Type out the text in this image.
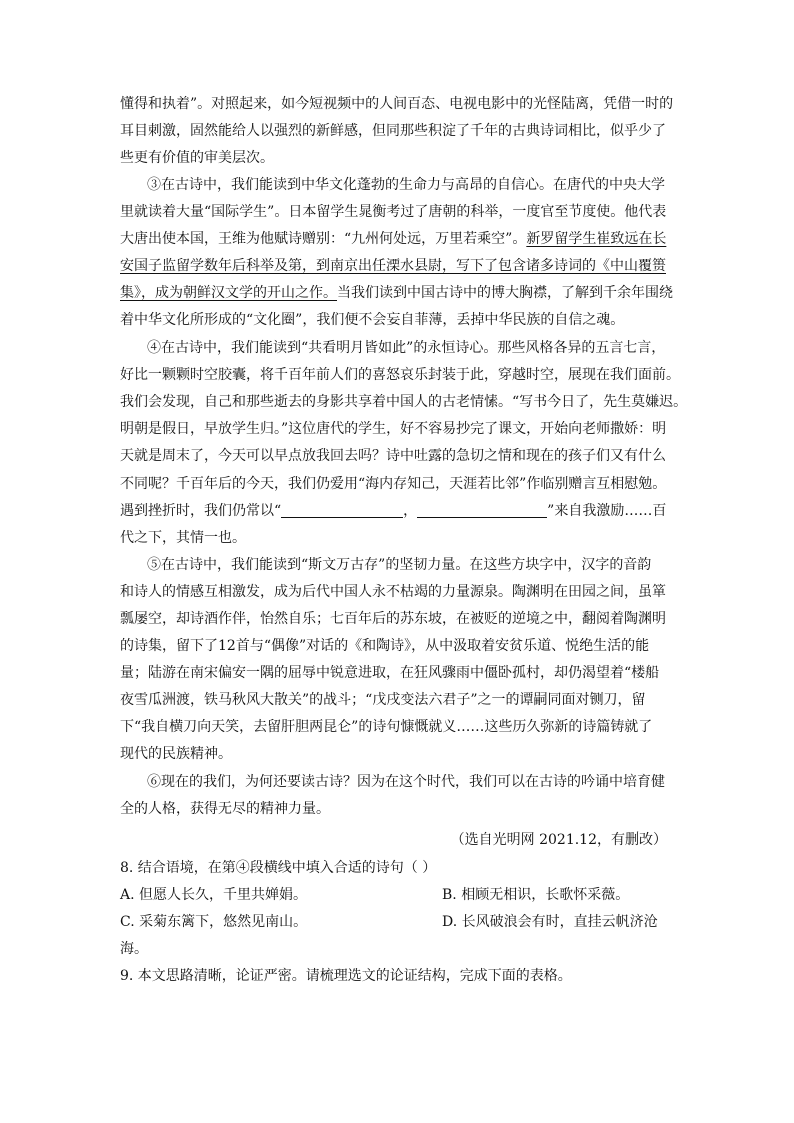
懂得和执着”。对照起来，如今短视频中的人间百态、电视电影中的光怪陆离，凭借一时的
耳目刺激，固然能给人以强烈的新鲜感，但同那些积淀了千年的古典诗词相比，似乎少了
些更有价值的审美层次。
③在古诗中，我们能读到中华文化蓬勃的生命力与高昂的自信心。在唐代的中央大学
里就读着大量“国际学生”。日本留学生晁衡考过了唐朝的科举，一度官至节度使。他代表
大唐出使本国，王维为他赋诗赠别：“九州何处远，万里若乘空”。新罗留学生崔致远在长
安国子监留学数年后科举及第，到南京出任溧水县尉，写下了包含诸多诗词的《中山覆篑
集》，成为朝鲜汉文学的开山之作。当我们读到中国古诗中的博大胸襟，了解到千余年围绕
着中华文化所形成的“文化圈”，我们便不会妄自菲薄，丢掉中华民族的自信之魂。
④在古诗中，我们能读到“共看明月皆如此”的永恒诗心。那些风格各异的五言七言，
好比一颗颗时空胶囊，将千百年前人们的喜怒哀乐封装于此，穿越时空，展现在我们面前。
我们会发现，自己和那些逝去的身影共享着中国人的古老情愫。“写书今日了，先生莫嫌迟。
明朝是假日，早放学生归。”这位唐代的学生，好不容易抄完了课文，开始向老师撒娇：明
天就是周末了，今天可以早点放我回去吗？诗中吐露的急切之情和现在的孩子们又有什么
不同呢？千百年后的今天，我们仍爱用“海内存知己，天涯若比邻”作临别赠言互相慰勉。
遇到挫折时，我们仍常以“	，	”来自我激励……百
代之下，其情一也。
⑤在古诗中，我们能读到“斯文万古存”的坚韧力量。在这些方块字中，汉字的音韵
和诗人的情感互相激发，成为后代中国人永不枯竭的力量源泉。陶渊明在田园之间，虽箪
瓢屡空，却诗酒作伴，怡然自乐；七百年后的苏东坡，在被贬的逆境之中，翻阅着陶渊明
的诗集，留下了12首与“偶像”对话的《和陶诗》，从中汲取着安贫乐道、悦绝生活的能
量；陆游在南宋偏安一隅的屈辱中锐意进取，在狂风骤雨中僵卧孤村，却仍渴望着“楼船
夜雪瓜洲渡，铁马秋风大散关”的战斗；“戊戌变法六君子”之一的谭嗣同面对铡刀，留
下“我自横刀向天笑，去留肝胆两昆仑”的诗句慷慨就义……这些历久弥新的诗篇铸就了
现代的民族精神。
⑥现在的我们，为何还要读古诗？因为在这个时代，我们可以在古诗的吟诵中培育健
全的人格，获得无尽的精神力量。
（选自光明网 2021.12，有删改）
8. 结合语境，在第④段横线中填入合适的诗句（ ）
A. 但愿人长久，千里共婵娟。	B. 相顾无相识，长歌怀采薇。
C. 采菊东篱下，悠然见南山。	D. 长风破浪会有时，直挂云帆济沧
海。
9. 本文思路清晰，论证严密。请梳理选文的论证结构，完成下面的表格。
